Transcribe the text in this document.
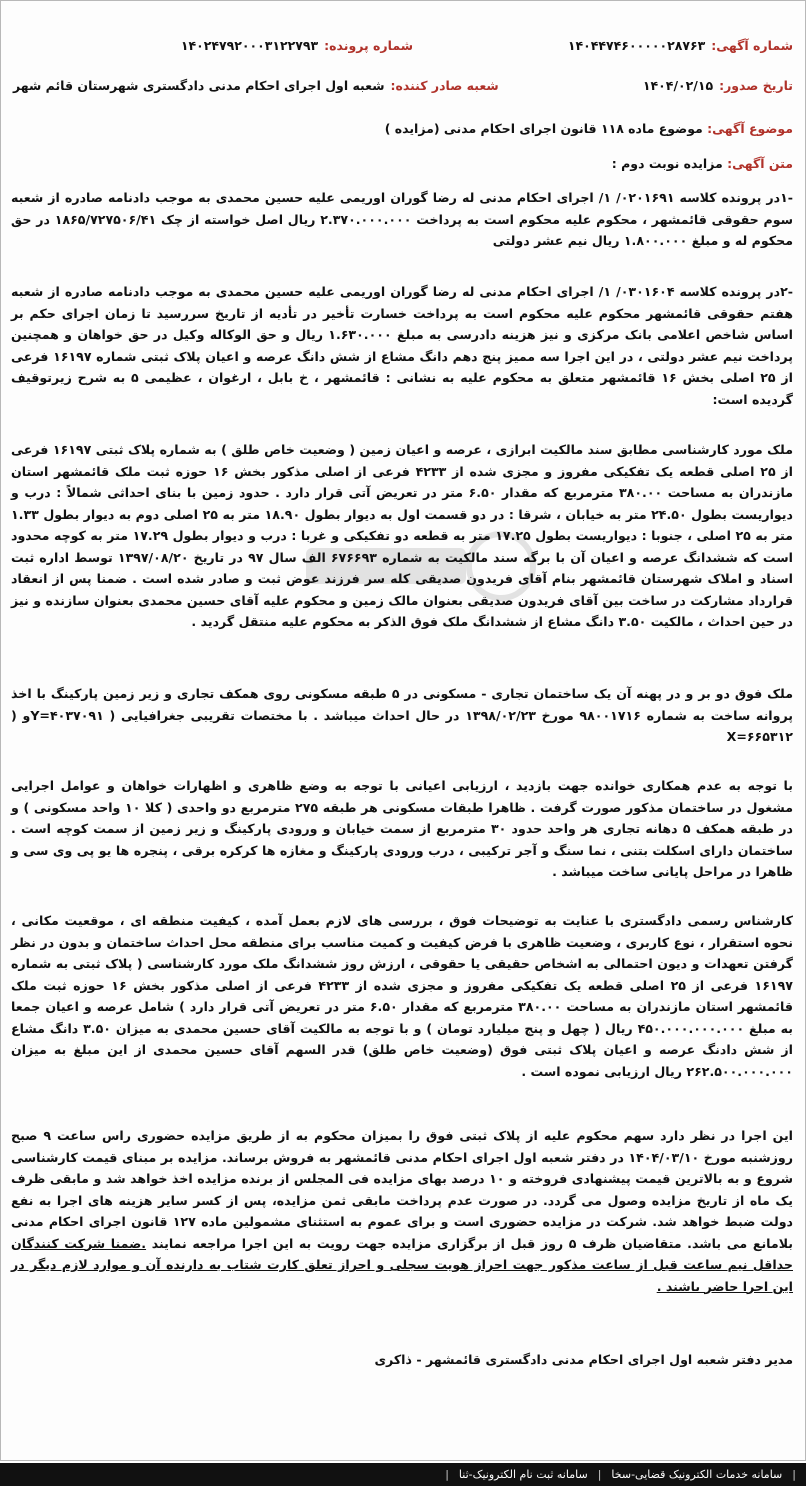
شماره آگهی:
۱۴۰۴۴۷۴۶۰۰۰۰۰۲۸۷۶۳
شماره پرونده:
۱۴۰۲۴۷۹۲۰۰۰۳۱۲۲۷۹۳
تاریخ صدور:
۱۴۰۴/۰۲/۱۵
شعبه صادر کننده:
شعبه اول اجرای احکام مدنی دادگستری شهرستان قائم شهر
موضوع آگهی: موضوع ماده ۱۱۸ قانون اجرای احکام مدنی (مزایده )
متن آگهی: مزایده نوبت دوم :

-۱در پرونده کلاسه ۰۲۰۱۶۹۱/ ۱/ اجرای احکام مدنی له رضا گوران اوریمی علیه حسین محمدی به موجب دادنامه صادره از شعبه سوم حقوقی قائمشهر ، محکوم علیه محکوم است به پرداخت ۲.۳۷۰.۰۰۰.۰۰۰ ریال اصل خواسته از چک ۱۸۶۵/۷۲۷۵۰۶/۴۱ در حق محکوم له و مبلغ ۱.۸۰۰.۰۰۰ ریال نیم عشر دولتی

-۲در پرونده کلاسه ۰۳۰۱۶۰۴/ ۱/ اجرای احکام مدنی له رضا گوران اوریمی علیه حسین محمدی به موجب دادنامه صادره از شعبه هفتم حقوقی قائمشهر محکوم علیه محکوم است به پرداخت خسارت تأخیر در تأدیه از تاریخ سررسید تا زمان اجرای حکم بر اساس شاخص اعلامی بانک مرکزی و نیز هزینه دادرسی به مبلغ ۱.۶۳۰.۰۰۰ ریال و حق الوکاله وکیل در حق خواهان و همچنین پرداخت نیم عشر دولتی ، در این اجرا سه ممیز پنج دهم دانگ مشاع از شش دانگ عرصه و اعیان پلاک ثبتی شماره ۱۶۱۹۷ فرعی از ۲۵ اصلی بخش ۱۶ قائمشهر متعلق به محکوم علیه به نشانی : قائمشهر ، خ بابل ، ارغوان ، عظیمی ۵ به شرح زیرتوقیف گردیده است:

ملک مورد کارشناسی مطابق سند مالکیت ابرازی ، عرصه و اعیان زمین ( وضعیت خاص طلق ) به شماره پلاک ثبتی ۱۶۱۹۷ فرعی از ۲۵ اصلی قطعه یک تفکیکی مفروز و مجزی شده از ۴۲۳۳ فرعی از اصلی مذکور بخش ۱۶ حوزه ثبت ملک قائمشهر استان مازندران به مساحت ۳۸۰.۰۰ مترمربع که مقدار ۶.۵۰ متر در تعریض آتی قرار دارد . حدود زمین با بنای احداثی شمالاً : درب و دیواریست بطول ۲۴.۵۰ متر به خیابان ، شرقا : در دو قسمت اول به دیوار بطول ۱۸.۹۰ متر به ۲۵ اصلی دوم به دیوار بطول ۱.۳۳ متر به ۲۵ اصلی ، جنوبا : دیواریست بطول ۱۷.۲۵ متر به قطعه دو تفکیکی و غربا : درب و دیوار بطول ۱۷.۲۹ متر به کوچه محدود است که ششدانگ عرصه و اعیان آن با برگه سند مالکیت به شماره ۶۷۶۶۹۳ الف سال ۹۷ در تاریخ ۱۳۹۷/۰۸/۲۰ توسط اداره ثبت اسناد و املاک شهرستان قائمشهر بنام آقای فریدون صدیقی کله سر فرزند عوض ثبت و صادر شده است . ضمنا پس از انعقاد قرارداد مشارکت در ساخت بین آقای فریدون صدیقی بعنوان مالک زمین و محکوم علیه آقای حسین محمدی بعنوان سازنده و نیز در حین احداث ، مالکیت ۳.۵۰ دانگ مشاع از ششدانگ ملک فوق الذکر به محکوم علیه منتقل گردید .

ملک فوق دو بر و در پهنه آن یک ساختمان تجاری - مسکونی در ۵ طبقه مسکونی روی همکف تجاری و زیر زمین پارکینگ با اخذ پروانه ساخت به شماره ۹۸۰۰۱۷۱۶ مورخ ۱۳۹۸/۰۲/۲۳ در حال احداث میباشد . با مختصات تقریبی جغرافیایی ( Y=۴۰۳۷۰۹۱و ( X=۶۶۵۳۱۲

با توجه به عدم همکاری خوانده جهت بازدید ، ارزیابی اعیانی با توجه به وضع ظاهری و اظهارات خواهان و عوامل اجرایی مشغول در ساختمان مذکور صورت گرفت . ظاهرا طبقات مسکونی هر طبقه ۲۷۵ مترمربع دو واحدی ( کلا ۱۰ واحد مسکونی ) و در طبقه همکف ۵ دهانه تجاری هر واحد حدود ۳۰ مترمربع از سمت خیابان و ورودی پارکینگ و زیر زمین از سمت کوچه است . ساختمان دارای اسکلت بتنی ، نما سنگ و آجر ترکیبی ، درب ورودی پارکینگ و مغازه ها کرکره برقی ، پنجره ها یو پی وی سی و ظاهرا در مراحل پایانی ساخت میباشد .

کارشناس رسمی دادگستری با عنایت به توضیحات فوق ، بررسی های لازم بعمل آمده ، کیفیت منطقه ای ، موقعیت مکانی ، نحوه استقرار ، نوع کاربری ، وضعیت ظاهری با فرض کیفیت و کمیت مناسب برای منطقه محل احداث ساختمان و بدون در نظر گرفتن تعهدات و دیون احتمالی به اشخاص حقیقی یا حقوقی ، ارزش روز ششدانگ ملک مورد کارشناسی ( پلاک ثبتی به شماره ۱۶۱۹۷ فرعی از ۲۵ اصلی قطعه یک تفکیکی مفروز و مجزی شده از ۴۲۳۳ فرعی از اصلی مذکور بخش ۱۶ حوزه ثبت ملک قائمشهر استان مازندران به مساحت ۳۸۰.۰۰ مترمربع که مقدار ۶.۵۰ متر در تعریض آتی قرار دارد ) شامل عرصه و اعیان جمعا به مبلغ ۴۵۰.۰۰۰.۰۰۰.۰۰۰ ریال ( چهل و پنج میلیارد تومان ) و با توجه به مالکیت آقای حسین محمدی به میزان ۳.۵۰ دانگ مشاع از شش دادنگ عرصه و اعیان پلاک ثبتی فوق (وضعیت خاص طلق) قدر السهم آقای حسین محمدی از این مبلغ به میزان ۲۶۲.۵۰۰.۰۰۰.۰۰۰ ریال ارزیابی نموده است .

این اجرا در نظر دارد سهم محکوم علیه از پلاک ثبتی فوق را بمیزان محکوم به از طریق مزایده حضوری راس ساعت ۹ صبح روزشنبه مورخ ۱۴۰۴/۰۳/۱۰ در دفتر شعبه اول اجرای احکام مدنی قائمشهر به فروش برساند. مزایده بر مبنای قیمت کارشناسی شروع و به بالاترین قیمت پیشنهادی فروخته و ۱۰ درصد بهای مزایده فی المجلس از برنده مزایده اخذ خواهد شد و مابقی ظرف یک ماه از تاریخ مزایده وصول می گردد. در صورت عدم پرداخت مابقی ثمن مزایده، پس از کسر سایر هزینه های اجرا به نفع دولت ضبط خواهد شد. شرکت در مزایده حضوری است و برای عموم به استثنای مشمولین ماده ۱۲۷ قانون اجرای احکام مدنی بلامانع می باشد. متقاضیان ظرف ۵ روز قبل از برگزاری مزایده جهت رویت به این اجرا مراجعه نمایند .ضمنا شرکت کنندگان حداقل نیم ساعت قبل از ساعت مذکور جهت احراز هویت سجلی و احراز تعلق کارت شتاب به دارنده آن و موارد لازم دیگر در این اجرا حاضر باشند .

مدیر دفتر شعبه اول اجرای احکام مدنی دادگستری قائمشهر - ذاکری
|
سامانه خدمات الکترونیک قضایی-سخا
|
سامانه ثبت نام الکترونیک-ثنا
|
